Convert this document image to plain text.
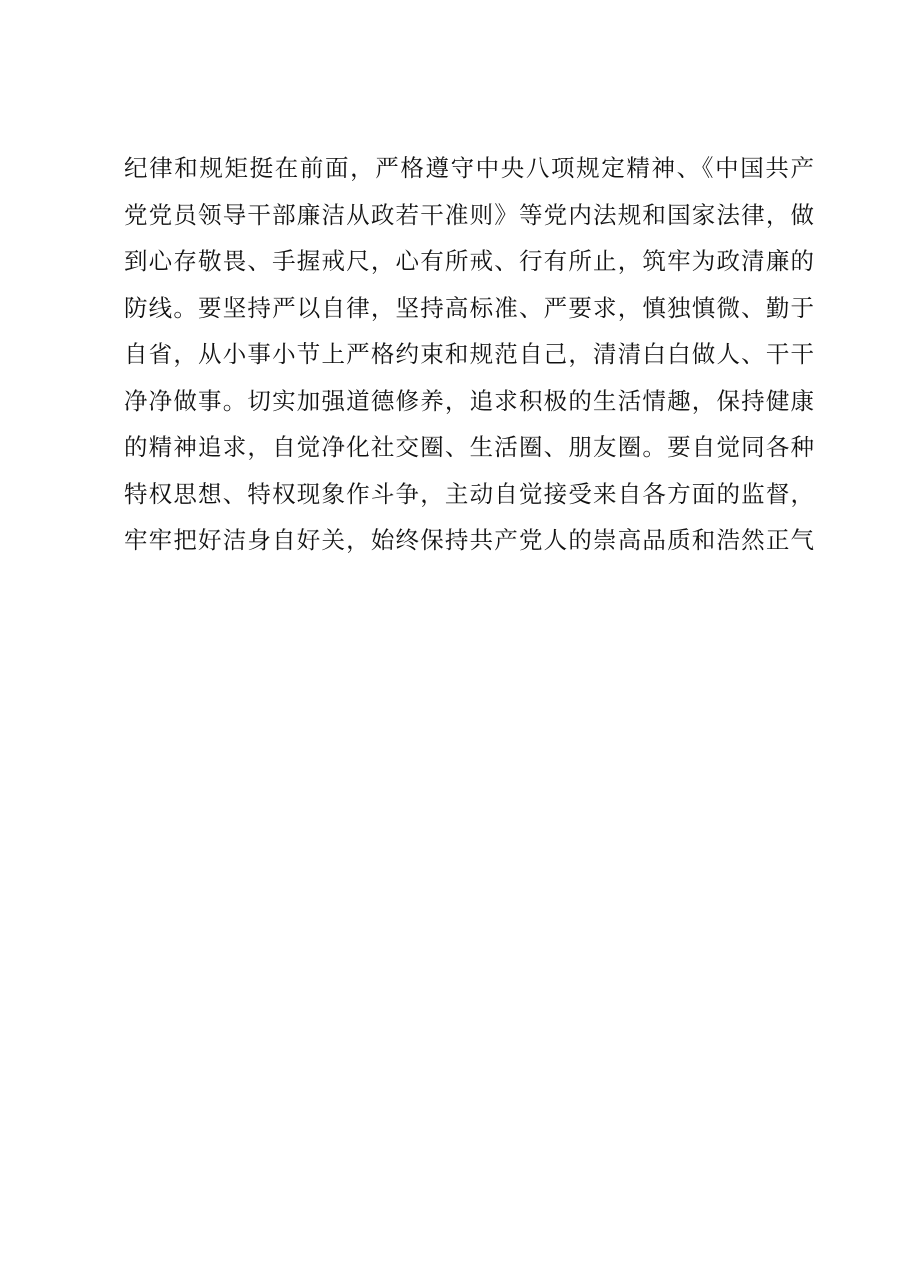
纪律和规矩挺在前面，严格遵守中央八项规定精神、《中国共产
党党员领导干部廉洁从政若干准则》等党内法规和国家法律，做
到心存敬畏、手握戒尺，心有所戒、行有所止，筑牢为政清廉的
防线。要坚持严以自律，坚持高标准、严要求，慎独慎微、勤于
自省，从小事小节上严格约束和规范自己，清清白白做人、干干
净净做事。切实加强道德修养，追求积极的生活情趣，保持健康
的精神追求，自觉净化社交圈、生活圈、朋友圈。要自觉同各种
特权思想、特权现象作斗争，主动自觉接受来自各方面的监督，
牢牢把好洁身自好关，始终保持共产党人的崇高品质和浩然正气
